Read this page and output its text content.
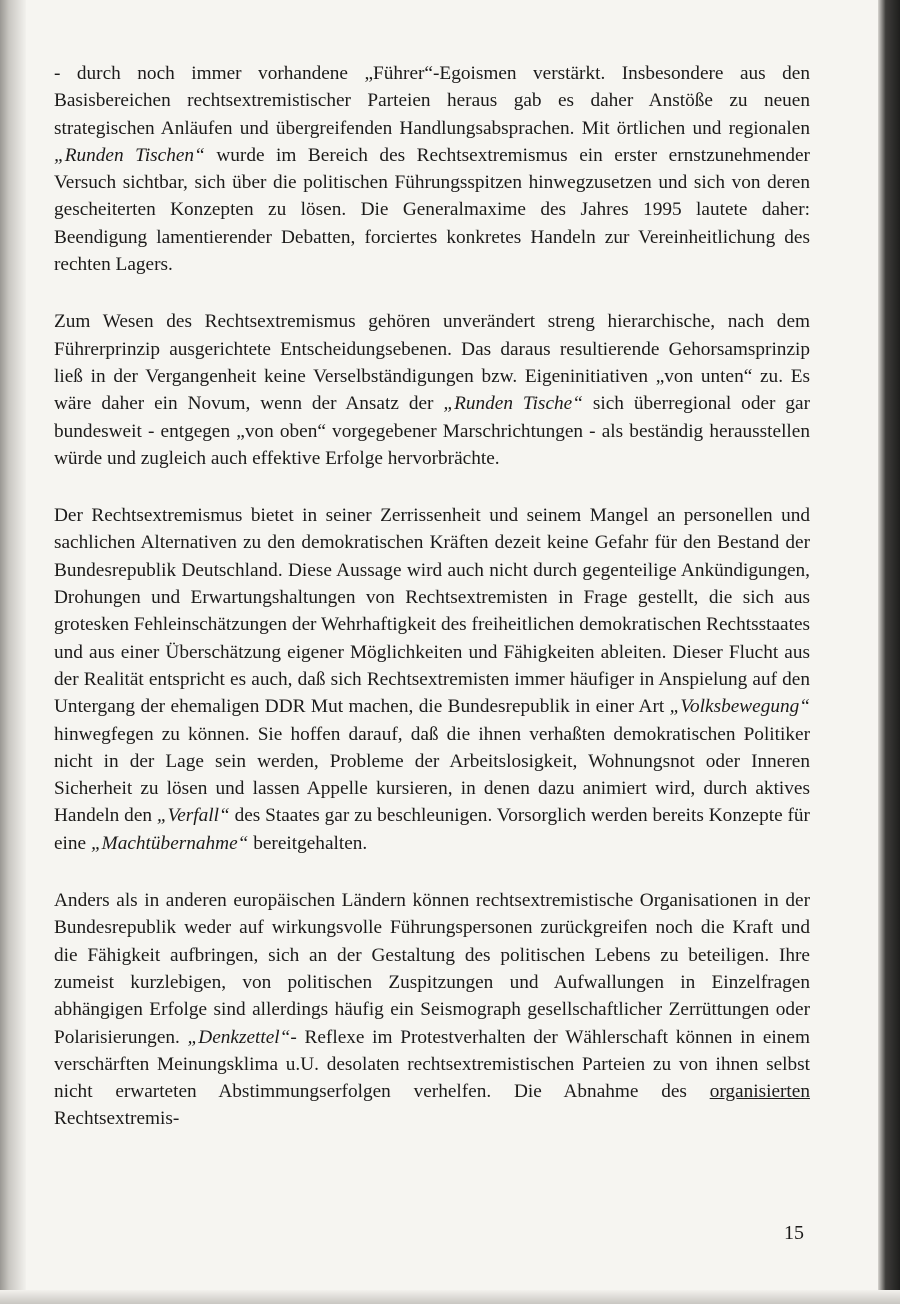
- durch noch immer vorhandene „Führer“-Egoismen verstärkt. Insbesondere aus den Basisbereichen rechtsextremistischer Parteien heraus gab es daher Anstöße zu neuen strategischen Anläufen und übergreifenden Handlungsabsprachen. Mit örtlichen und regionalen „Runden Tischen“ wurde im Bereich des Rechtsextremismus ein erster ernstzunehmender Versuch sichtbar, sich über die politischen Führungsspitzen hinwegzusetzen und sich von deren gescheiterten Konzepten zu lösen. Die Generalmaxime des Jahres 1995 lautete daher: Beendigung lamentierender Debatten, forciertes konkretes Handeln zur Vereinheitlichung des rechten Lagers.

Zum Wesen des Rechtsextremismus gehören unverändert streng hierarchische, nach dem Führerprinzip ausgerichtete Entscheidungsebenen. Das daraus resultierende Gehorsamsprinzip ließ in der Vergangenheit keine Verselbständigungen bzw. Eigeninitiativen „von unten“ zu. Es wäre daher ein Novum, wenn der Ansatz der „Runden Tische“ sich überregional oder gar bundesweit - entgegen „von oben“ vorgegebener Marschrichtungen - als beständig herausstellen würde und zugleich auch effektive Erfolge hervorbrächte.

Der Rechtsextremismus bietet in seiner Zerrissenheit und seinem Mangel an personellen und sachlichen Alternativen zu den demokratischen Kräften dezeit keine Gefahr für den Bestand der Bundesrepublik Deutschland. Diese Aussage wird auch nicht durch gegenteilige Ankündigungen, Drohungen und Erwartungshaltungen von Rechtsextremisten in Frage gestellt, die sich aus grotesken Fehleinschätzungen der Wehrhaftigkeit des freiheitlichen demokratischen Rechtsstaates und aus einer Überschätzung eigener Möglichkeiten und Fähigkeiten ableiten. Dieser Flucht aus der Realität entspricht es auch, daß sich Rechtsextremisten immer häufiger in Anspielung auf den Untergang der ehemaligen DDR Mut machen, die Bundesrepublik in einer Art „Volksbewegung“ hinwegfegen zu können. Sie hoffen darauf, daß die ihnen verhaßten demokratischen Politiker nicht in der Lage sein werden, Probleme der Arbeitslosigkeit, Wohnungsnot oder Inneren Sicherheit zu lösen und lassen Appelle kursieren, in denen dazu animiert wird, durch aktives Handeln den „Verfall“ des Staates gar zu beschleunigen. Vorsorglich werden bereits Konzepte für eine „Machtübernahme“ bereitgehalten.

Anders als in anderen europäischen Ländern können rechtsextremistische Organisationen in der Bundesrepublik weder auf wirkungsvolle Führungspersonen zurückgreifen noch die Kraft und die Fähigkeit aufbringen, sich an der Gestaltung des politischen Lebens zu beteiligen. Ihre zumeist kurzlebigen, von politischen Zuspitzungen und Aufwallungen in Einzelfragen abhängigen Erfolge sind allerdings häufig ein Seismograph gesellschaftlicher Zerrüttungen oder Polarisierungen. „Denkzettel“- Reflexe im Protestverhalten der Wählerschaft können in einem verschärften Meinungsklima u.U. desolaten rechtsextremistischen Parteien zu von ihnen selbst nicht erwarteten Abstimmungserfolgen verhelfen. Die Abnahme des organisierten Rechtsextremis-

15
